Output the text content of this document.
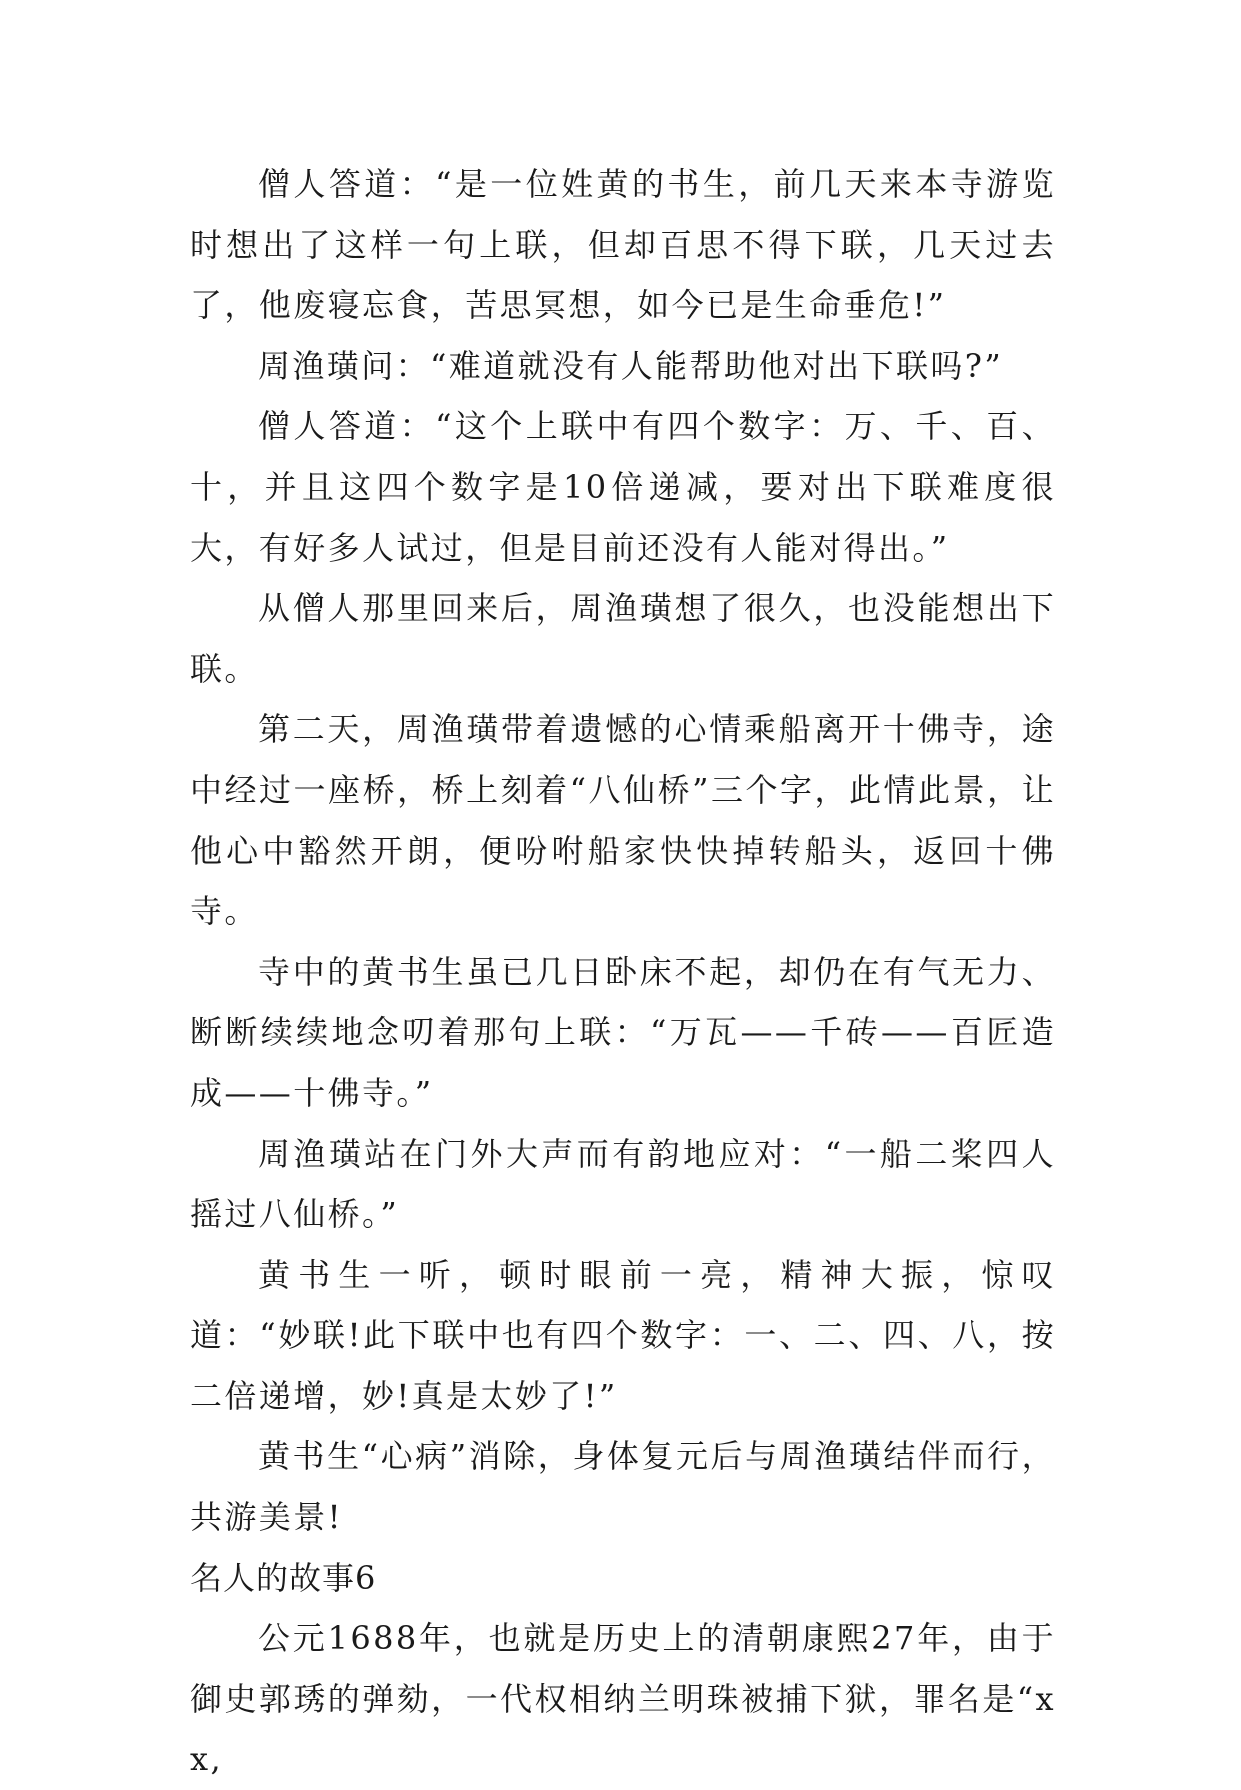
僧人答道：“是一位姓黄的书生，前几天来本寺游览时想出了这样一句上联，但却百思不得下联，几天过去了，他废寝忘食，苦思冥想，如今已是生命垂危!”

周渔璜问：“难道就没有人能帮助他对出下联吗?”

僧人答道：“这个上联中有四个数字：万、千、百、十，并且这四个数字是10倍递减，要对出下联难度很大，有好多人试过，但是目前还没有人能对得出。”

从僧人那里回来后，周渔璜想了很久，也没能想出下联。

第二天，周渔璜带着遗憾的心情乘船离开十佛寺，途中经过一座桥，桥上刻着“八仙桥”三个字，此情此景，让他心中豁然开朗，便吩咐船家快快掉转船头，返回十佛寺。

寺中的黄书生虽已几日卧床不起，却仍在有气无力、断断续续地念叨着那句上联：“万瓦——千砖——百匠造成——十佛寺。”

周渔璜站在门外大声而有韵地应对：“一船二桨四人摇过八仙桥。”

黄书生一听，顿时眼前一亮，精神大振，惊叹道：“妙联!此下联中也有四个数字：一、二、四、八，按二倍递增，妙!真是太妙了!”

黄书生“心病”消除，身体复元后与周渔璜结伴而行，共游美景!

名人的故事6

公元1688年，也就是历史上的清朝康熙27年，由于御史郭琇的弹劾，一代权相纳兰明珠被捕下狱，罪名是“xx,
